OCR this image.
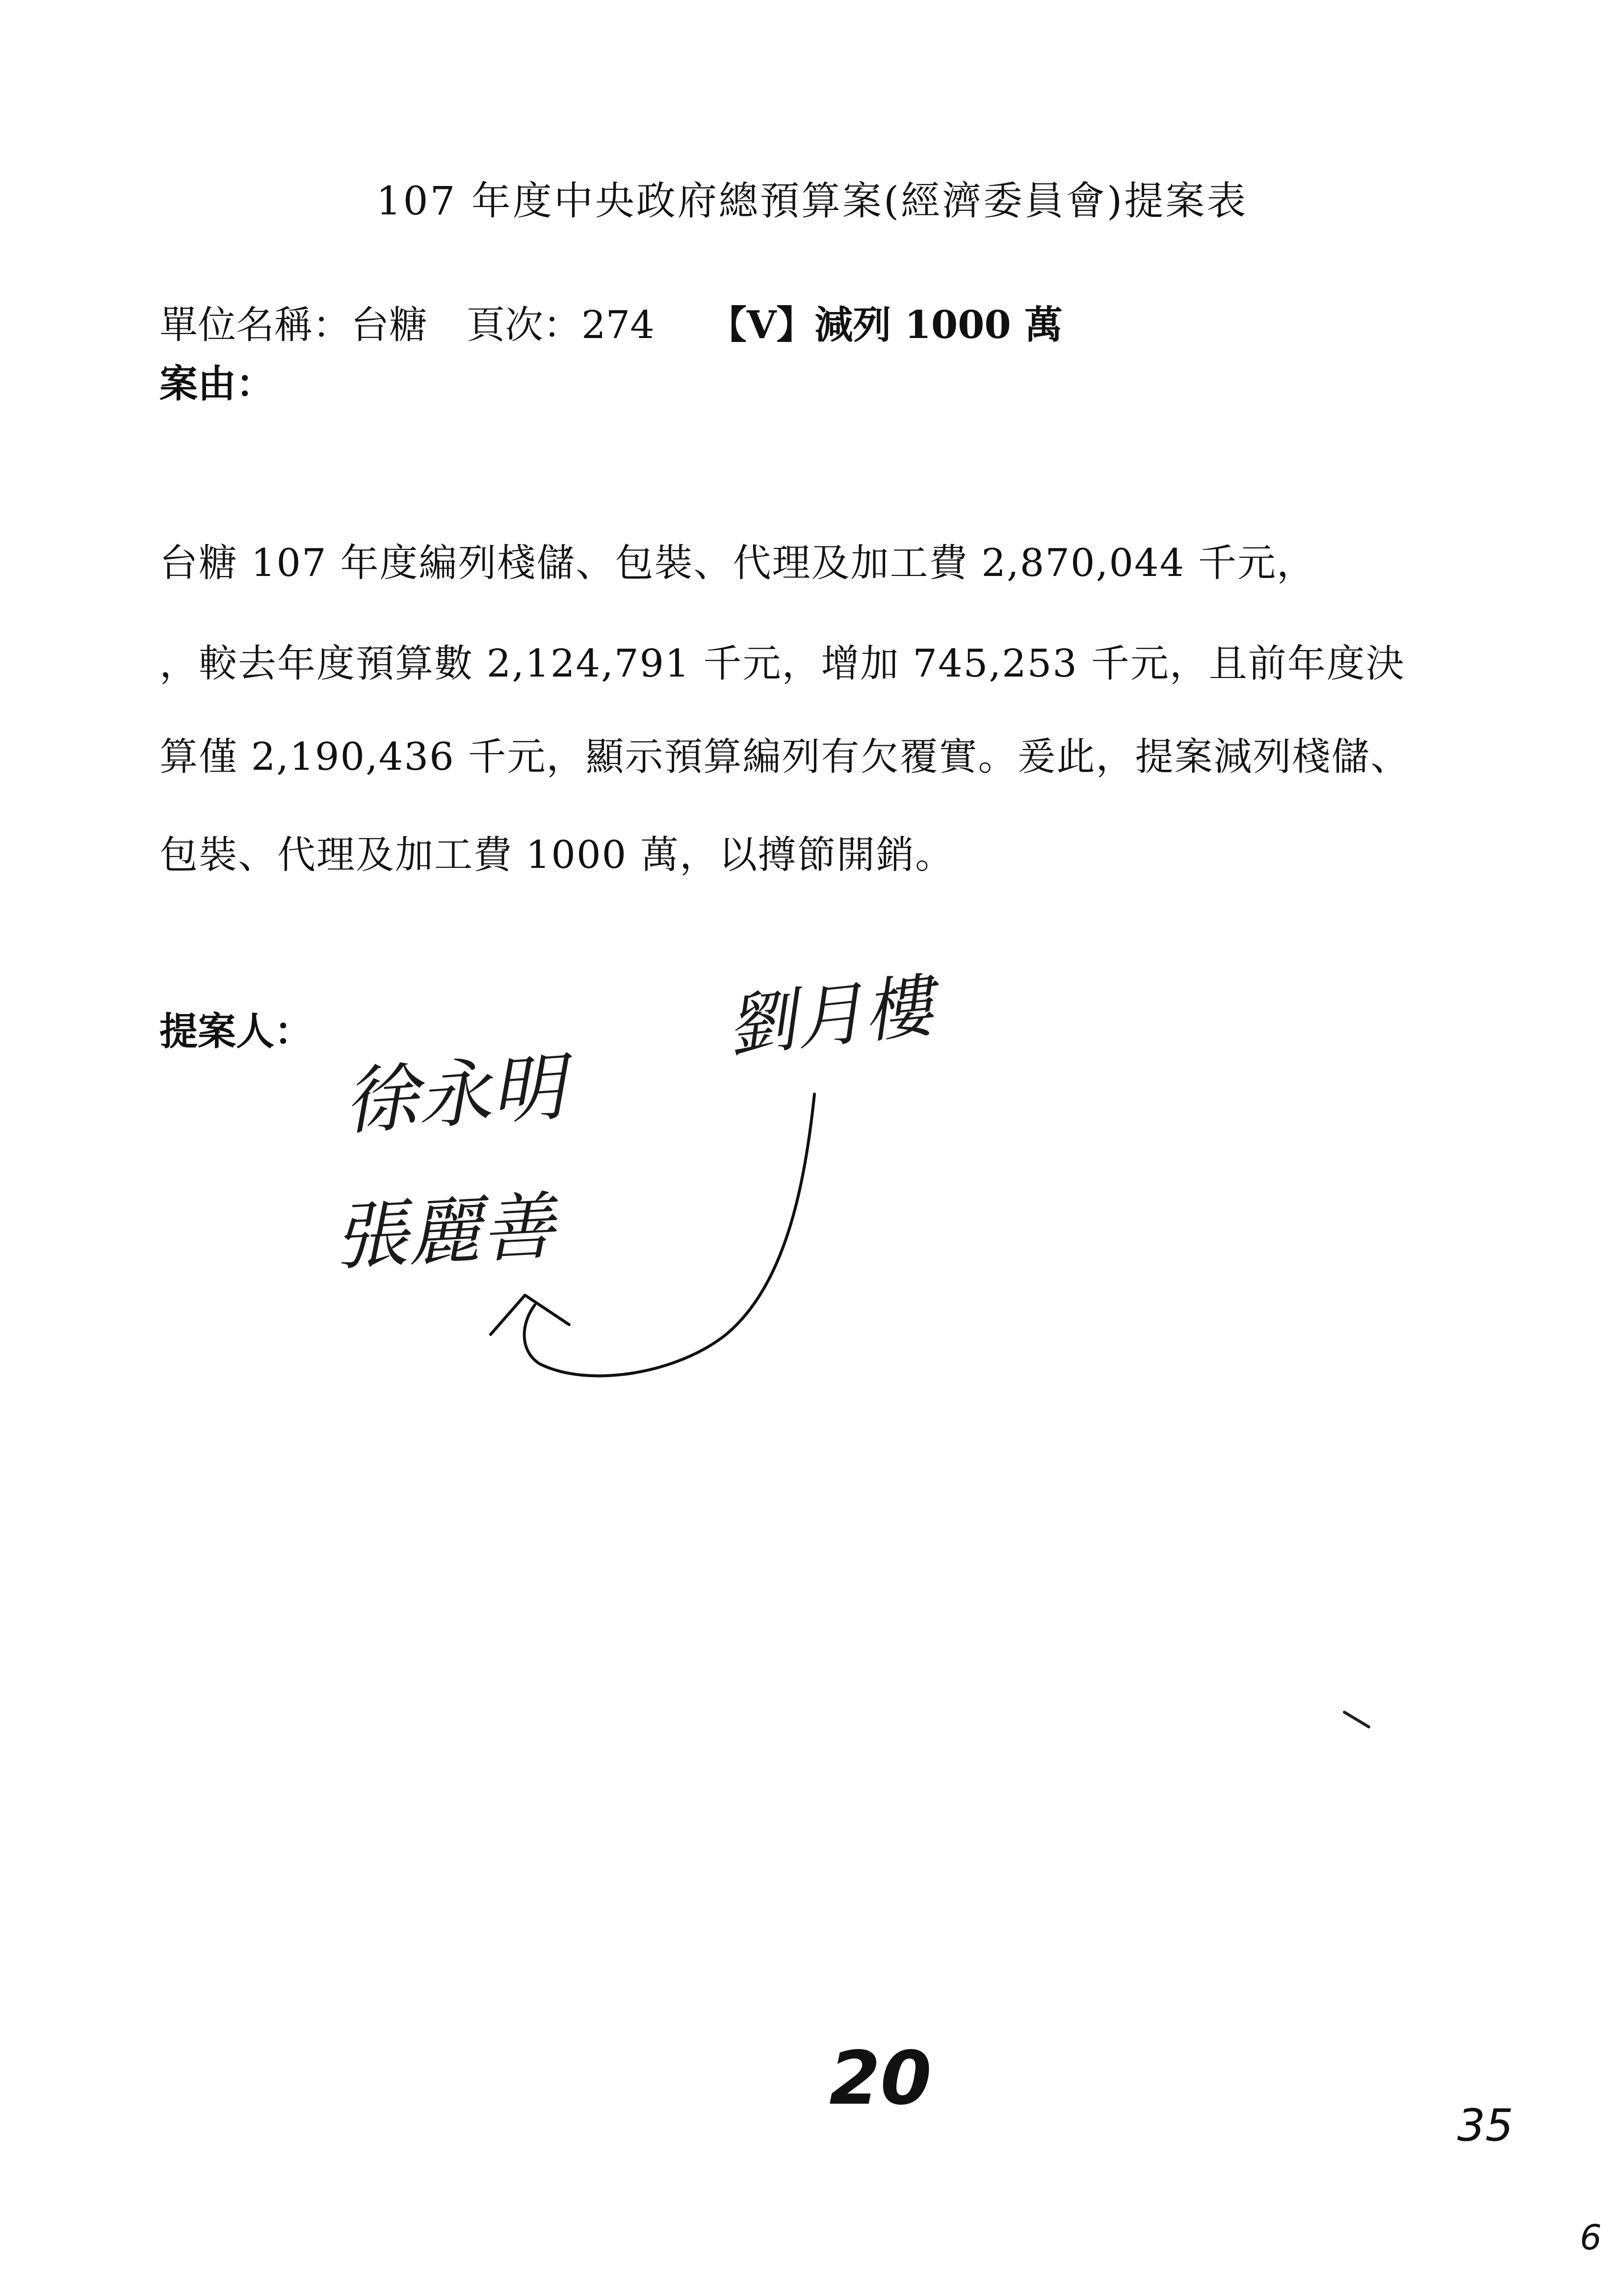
107 年度中央政府總預算案(經濟委員會)提案表
單位名稱：台糖 頁次：274 【V】減列 1000 萬
案由：
台糖 107 年度編列棧儲、包裝、代理及加工費 2,870,044 千元，
，較去年度預算數 2,124,791 千元，增加 745,253 千元，且前年度決
算僅 2,190,436 千元，顯示預算編列有欠覆實。爰此，提案減列棧儲、
包裝、代理及加工費 1000 萬，以撙節開銷。
提案人：
徐永明
張麗善
劉月樓
20
35
6
